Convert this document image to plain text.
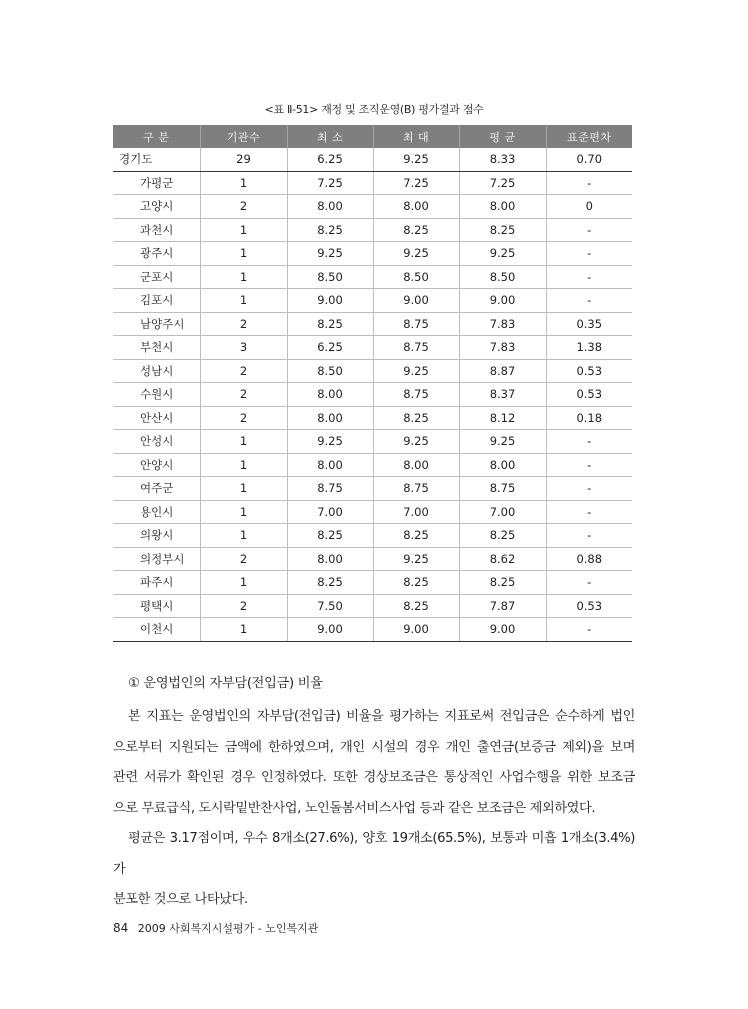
<표 Ⅱ-51> 재정 및 조직운영(B) 평가결과 점수
구 분	기관수	최 소	최 대	평 균	표준편차
경기도	29	6.25	9.25	8.33	0.70
가평군	1	7.25	7.25	7.25	-
고양시	2	8.00	8.00	8.00	0
과천시	1	8.25	8.25	8.25	-
광주시	1	9.25	9.25	9.25	-
군포시	1	8.50	8.50	8.50	-
김포시	1	9.00	9.00	9.00	-
남양주시	2	8.25	8.75	7.83	0.35
부천시	3	6.25	8.75	7.83	1.38
성남시	2	8.50	9.25	8.87	0.53
수원시	2	8.00	8.75	8.37	0.53
안산시	2	8.00	8.25	8.12	0.18
안성시	1	9.25	9.25	9.25	-
안양시	1	8.00	8.00	8.00	-
여주군	1	8.75	8.75	8.75	-
용인시	1	7.00	7.00	7.00	-
의왕시	1	8.25	8.25	8.25	-
의정부시	2	8.00	9.25	8.62	0.88
파주시	1	8.25	8.25	8.25	-
평택시	2	7.50	8.25	7.87	0.53
이천시	1	9.00	9.00	9.00	-
① 운영법인의 자부담(전입금) 비율

본 지표는 운영법인의 자부담(전입금) 비율을 평가하는 지표로써 전입금은 순수하게 법인

으로부터 지원되는 금액에 한하였으며, 개인 시설의 경우 개인 출연금(보증금 제외)을 보며

관련 서류가 확인된 경우 인정하였다. 또한 경상보조금은 통상적인 사업수행을 위한 보조금

으로 무료급식, 도시락밑반찬사업, 노인돌봄서비스사업 등과 같은 보조금은 제외하였다.

평균은 3.17점이며, 우수 8개소(27.6%), 양호 19개소(65.5%), 보통과 미흡 1개소(3.4%)가

분포한 것으로 나타났다.

84 2009 사회복지시설평가 - 노인복지관
